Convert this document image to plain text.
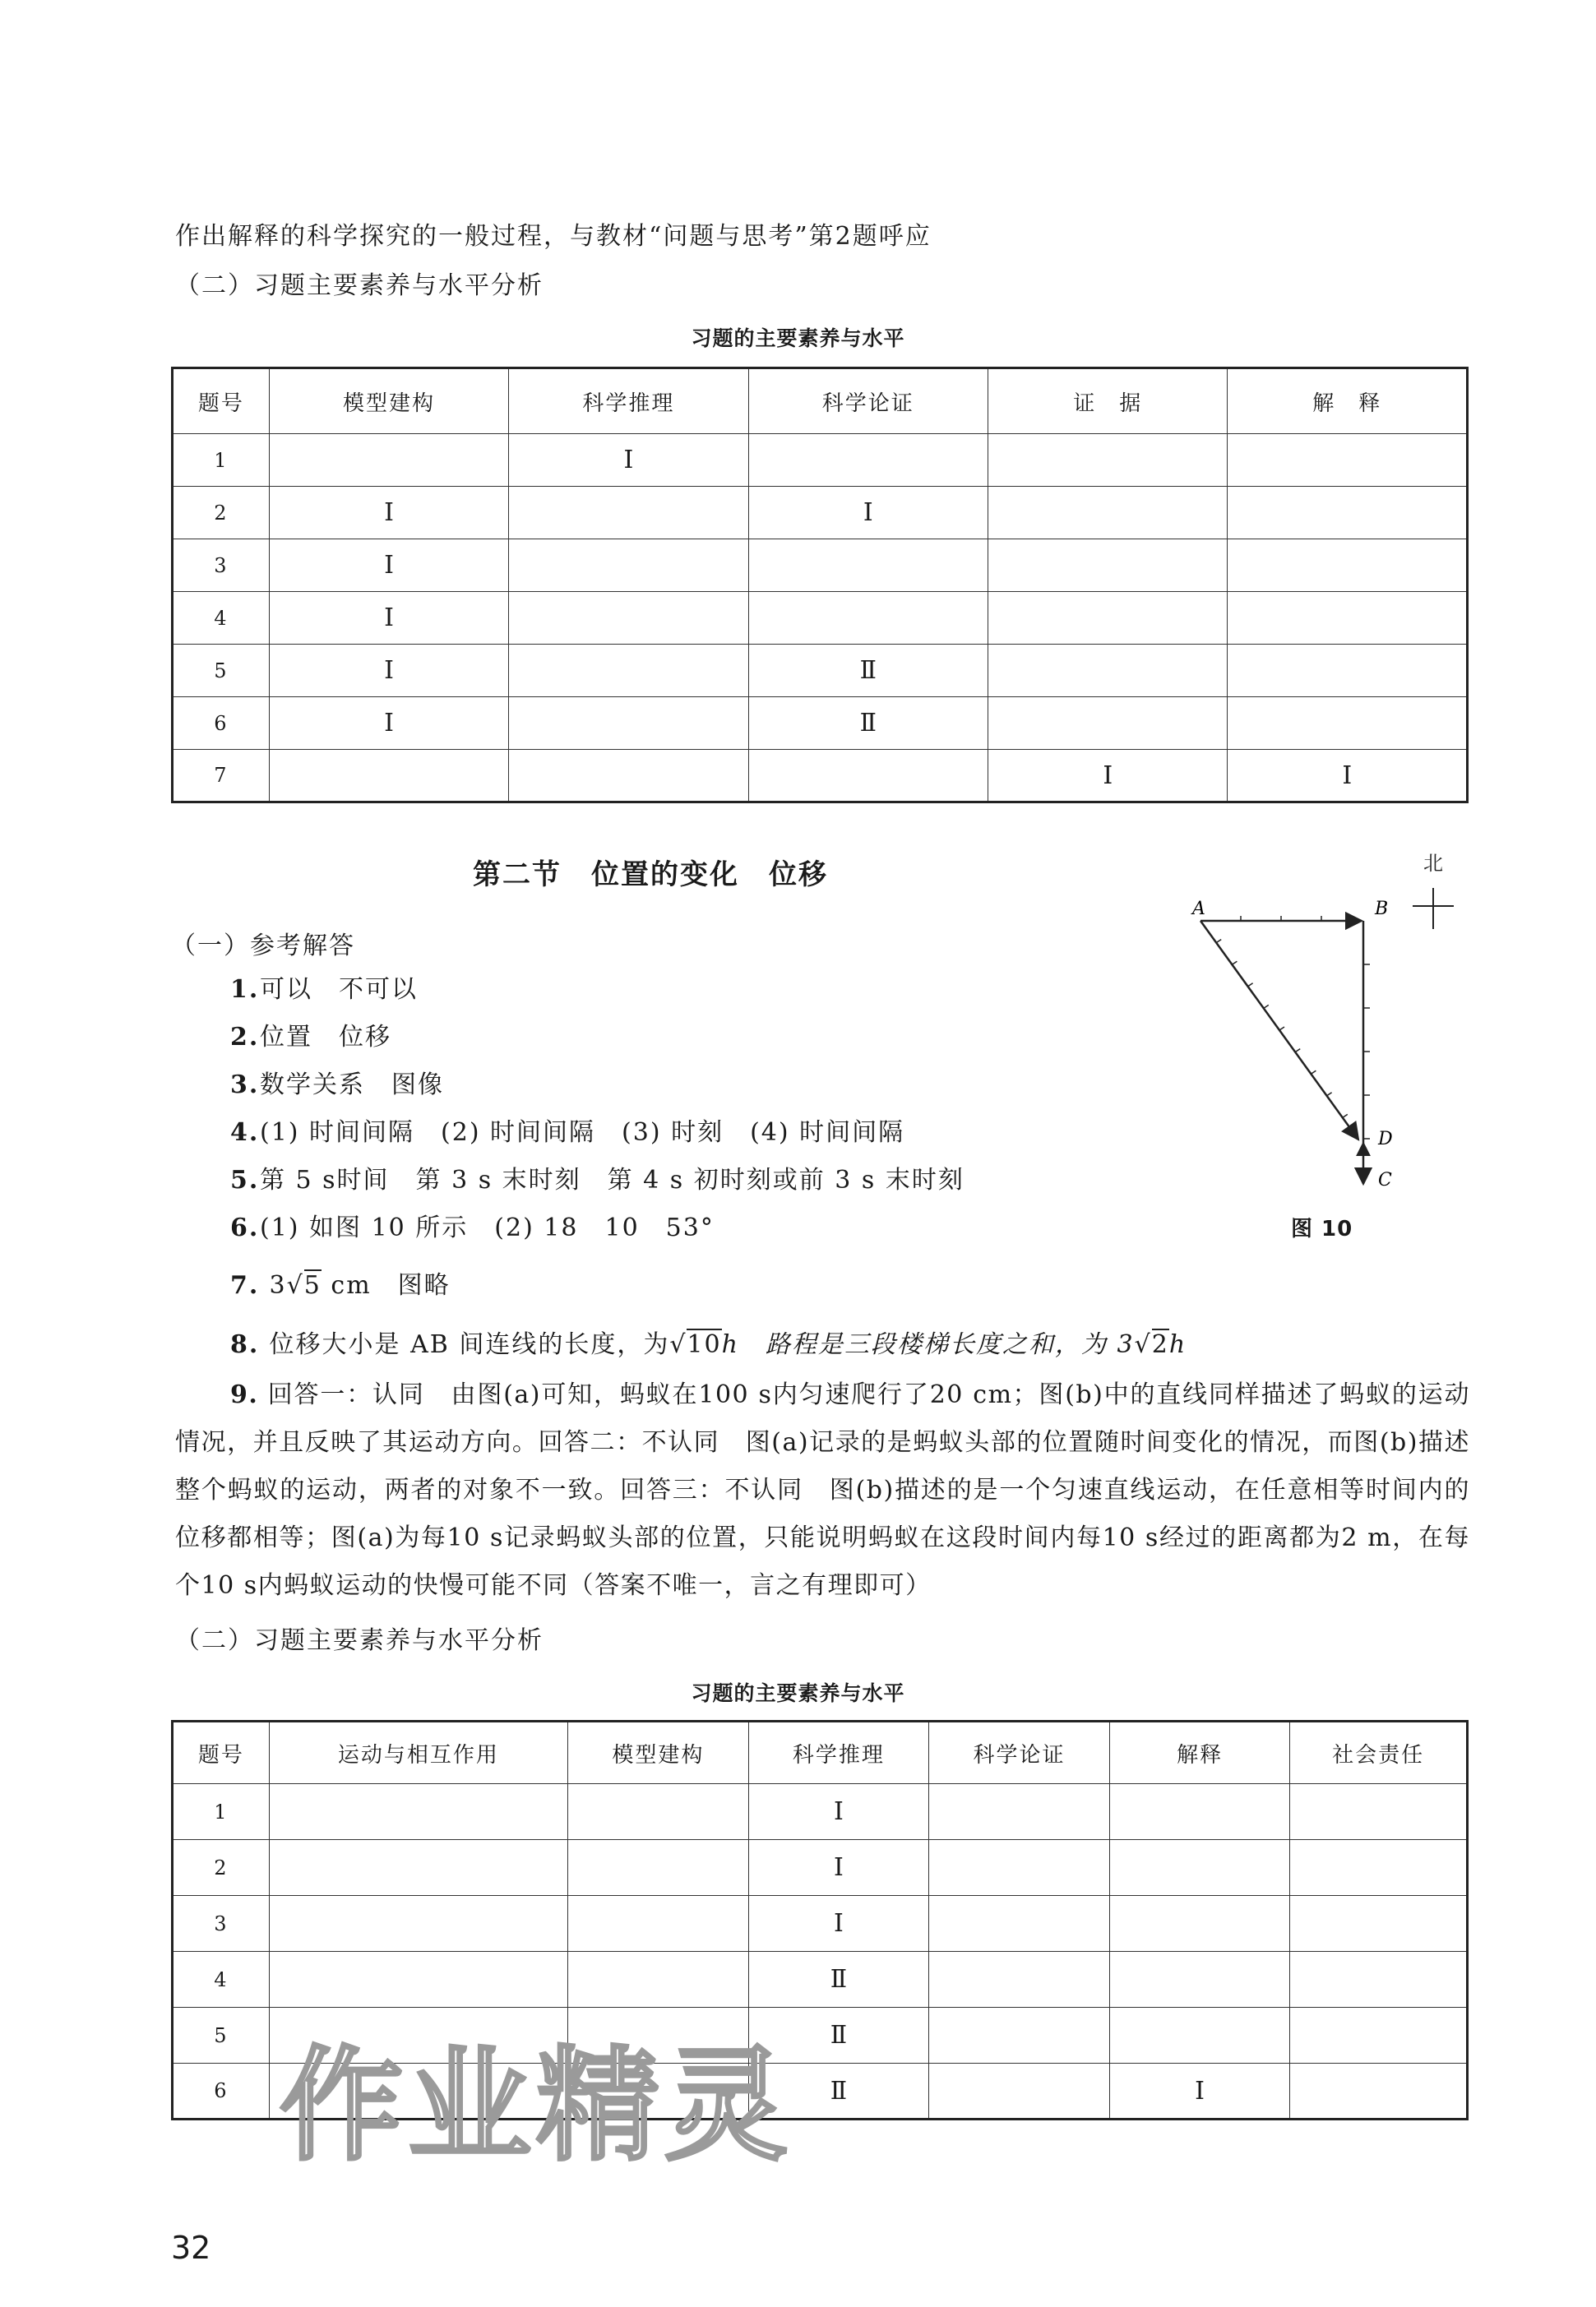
作出解释的科学探究的一般过程，与教材“问题与思考”第2题呼应
（二）习题主要素养与水平分析
习题的主要素养与水平
题号	模型建构	科学推理	科学论证	证　据	解　释
1		Ⅰ			
2	Ⅰ		Ⅰ		
3	Ⅰ				
4	Ⅰ				
5	Ⅰ		Ⅱ		
6	Ⅰ		Ⅱ		
7				Ⅰ	Ⅰ
第二节　位置的变化　位移
（一）参考解答
1.可以　不可以
2.位置　位移
3.数学关系　图像
4.(1) 时间间隔　(2) 时间间隔　(3) 时刻　(4) 时间间隔
5.第 5 s时间　第 3 s 末时刻　第 4 s 初时刻或前 3 s 末时刻
6.(1) 如图 10 所示　(2) 18　10　53°
7. 3√5 cm　图略
8. 位移大小是 AB 间连线的长度，为√10h　路程是三段楼梯长度之和，为 3√2h
9. 回答一：认同　由图(a)可知，蚂蚁在100 s内匀速爬行了20 cm；图(b)中的直线同样描述了蚂蚁的运动情况，并且反映了其运动方向。回答二：不认同　图(a)记录的是蚂蚁头部的位置随时间变化的情况，而图(b)描述整个蚂蚁的运动，两者的对象不一致。回答三：不认同　图(b)描述的是一个匀速直线运动，在任意相等时间内的位移都相等；图(a)为每10 s记录蚂蚁头部的位置，只能说明蚂蚁在这段时间内每10 s经过的距离都为2 m，在每个10 s内蚂蚁运动的快慢可能不同（答案不唯一，言之有理即可）
（二）习题主要素养与水平分析
习题的主要素养与水平
题号	运动与相互作用	模型建构	科学推理	科学论证	解释	社会责任
1			Ⅰ			
2			Ⅰ			
3			Ⅰ			
4			Ⅱ			
5			Ⅱ			
6			Ⅱ		Ⅰ	
北
A	B
D
C
图 10
作业精灵
32
